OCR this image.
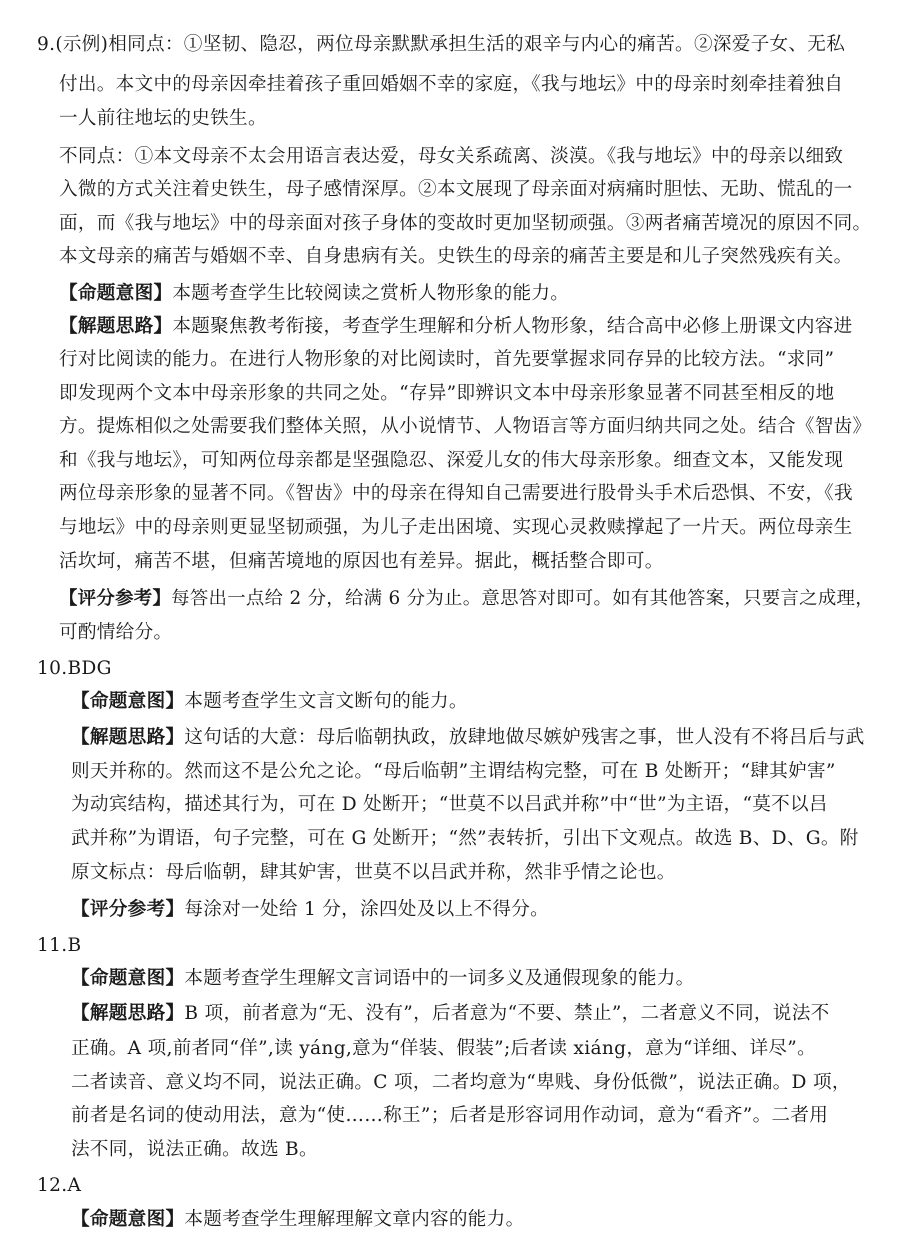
9.(示例)相同点：①坚韧、隐忍，两位母亲默默承担生活的艰辛与内心的痛苦。②深爱子女、无私
付出。本文中的母亲因牵挂着孩子重回婚姻不幸的家庭，《我与地坛》中的母亲时刻牵挂着独自
一人前往地坛的史铁生。
不同点：①本文母亲不太会用语言表达爱，母女关系疏离、淡漠。《我与地坛》中的母亲以细致
入微的方式关注着史铁生，母子感情深厚。②本文展现了母亲面对病痛时胆怯、无助、慌乱的一
面，而《我与地坛》中的母亲面对孩子身体的变故时更加坚韧顽强。③两者痛苦境况的原因不同。
本文母亲的痛苦与婚姻不幸、自身患病有关。史铁生的母亲的痛苦主要是和儿子突然残疾有关。
【命题意图】本题考查学生比较阅读之赏析人物形象的能力。
【解题思路】本题聚焦教考衔接，考查学生理解和分析人物形象，结合高中必修上册课文内容进
行对比阅读的能力。在进行人物形象的对比阅读时，首先要掌握求同存异的比较方法。“求同”
即发现两个文本中母亲形象的共同之处。“存异”即辨识文本中母亲形象显著不同甚至相反的地
方。提炼相似之处需要我们整体关照，从小说情节、人物语言等方面归纳共同之处。结合《智齿》
和《我与地坛》，可知两位母亲都是坚强隐忍、深爱儿女的伟大母亲形象。细查文本，又能发现
两位母亲形象的显著不同。《智齿》中的母亲在得知自己需要进行股骨头手术后恐惧、不安，《我
与地坛》中的母亲则更显坚韧顽强，为儿子走出困境、实现心灵救赎撑起了一片天。两位母亲生
活坎坷，痛苦不堪，但痛苦境地的原因也有差异。据此，概括整合即可。
【评分参考】每答出一点给 2 分，给满 6 分为止。意思答对即可。如有其他答案，只要言之成理，
可酌情给分。
10.BDG
【命题意图】本题考查学生文言文断句的能力。
【解题思路】这句话的大意：母后临朝执政，放肆地做尽嫉妒残害之事，世人没有不将吕后与武
则天并称的。然而这不是公允之论。“母后临朝”主谓结构完整，可在 B 处断开；“肆其妒害”
为动宾结构，描述其行为，可在 D 处断开；“世莫不以吕武并称”中“世”为主语，“莫不以吕
武并称”为谓语，句子完整，可在 G 处断开；“然”表转折，引出下文观点。故选 B、D、G。附
原文标点：母后临朝，肆其妒害，世莫不以吕武并称，然非乎情之论也。
【评分参考】每涂对一处给 1 分，涂四处及以上不得分。
11.B
【命题意图】本题考查学生理解文言词语中的一词多义及通假现象的能力。
【解题思路】B 项，前者意为“无、没有”，后者意为“不要、禁止”，二者意义不同，说法不
正确。A 项,前者同“佯”,读 yáng,意为“佯装、假装”;后者读 xiáng，意为“详细、详尽”。
二者读音、意义均不同，说法正确。C 项，二者均意为“卑贱、身份低微”，说法正确。D 项，
前者是名词的使动用法，意为“使……称王”；后者是形容词用作动词，意为“看齐”。二者用
法不同，说法正确。故选 B。
12.A
【命题意图】本题考查学生理解理解文章内容的能力。
